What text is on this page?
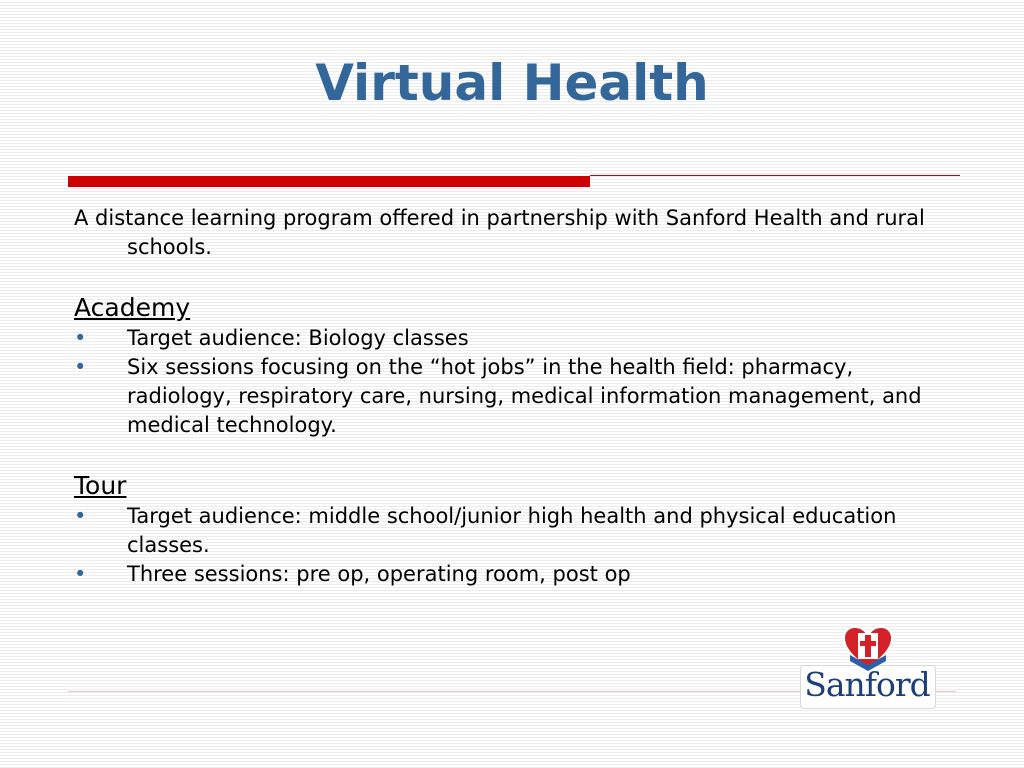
Virtual Health

A distance learning program offered in partnership with Sanford Health and rural schools.

Academy
• Target audience: Biology classes
• Six sessions focusing on the “hot jobs” in the health field: pharmacy, radiology, respiratory care, nursing, medical information management, and medical technology.
Tour
• Target audience: middle school/junior high health and physical education classes.
• Three sessions: pre op, operating room, post op
Sanford
